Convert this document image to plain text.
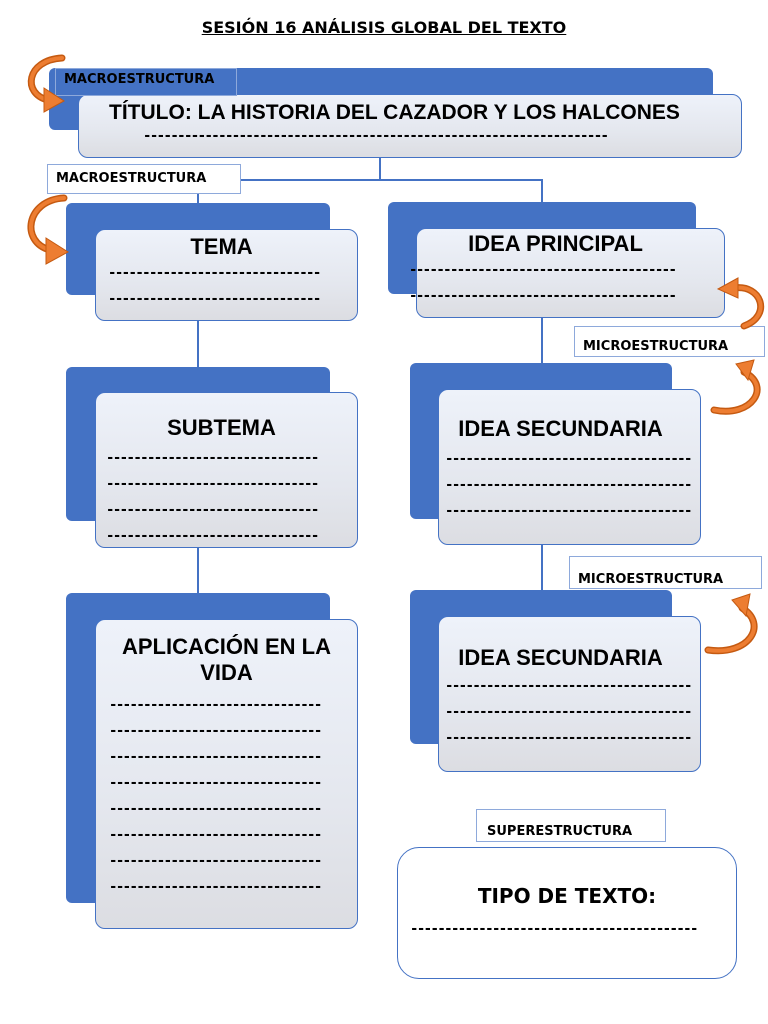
SESIÓN 16 ANÁLISIS GLOBAL DEL TEXTO
TÍTULO: LA HISTORIA DEL CAZADOR Y LOS HALCONES
--------------------------------------------------------------------
MACROESTRUCTURA
MACROESTRUCTURA
TEMA
-------------------------------
-------------------------------
IDEA PRINCIPAL
---------------------------------------
---------------------------------------
MICROESTRUCTURA
SUBTEMA
-------------------------------
-------------------------------
-------------------------------
-------------------------------
IDEA SECUNDARIA
------------------------------------
------------------------------------
------------------------------------
MICROESTRUCTURA
APLICACIÓN EN LA
VIDA
-------------------------------
-------------------------------
-------------------------------
-------------------------------
-------------------------------
-------------------------------
-------------------------------
-------------------------------
IDEA SECUNDARIA
------------------------------------
------------------------------------
------------------------------------
SUPERESTRUCTURA
TIPO DE TEXTO:
------------------------------------------
